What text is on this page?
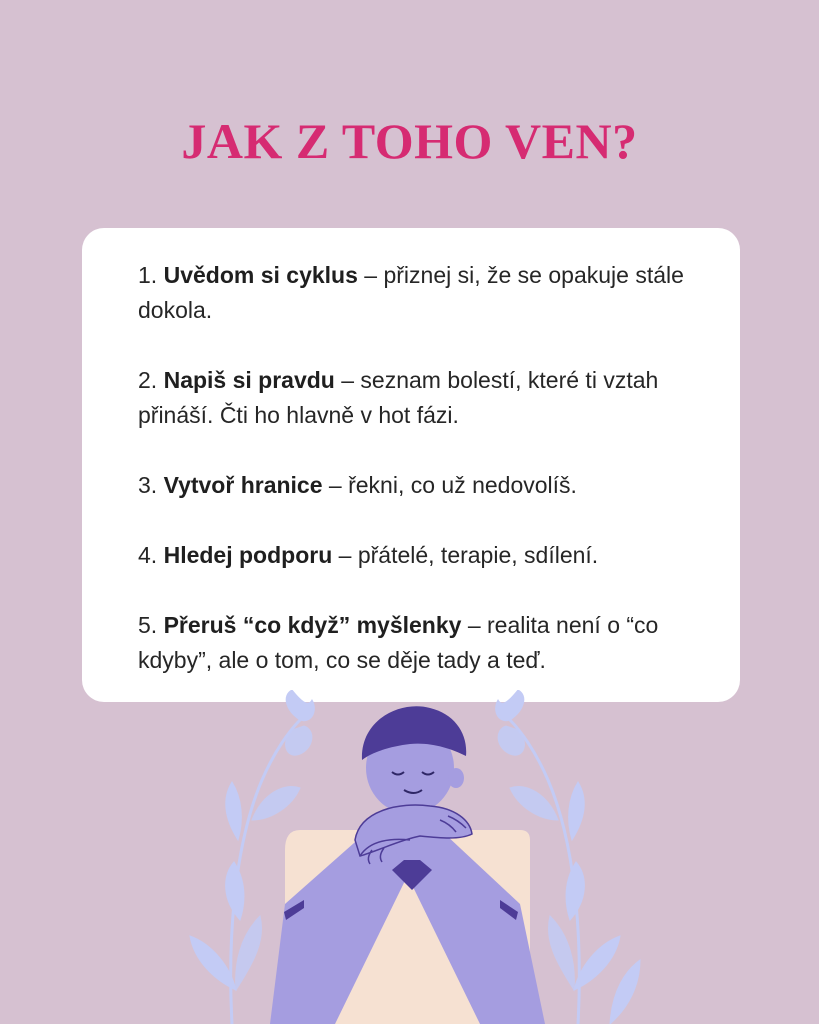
JAK Z TOHO VEN?
1. Uvědom si cyklus – přiznej si, že se opakuje stále dokola.
2. Napiš si pravdu – seznam bolestí, které ti vztah přináší. Čti ho hlavně v hot fázi.
3. Vytvoř hranice – řekni, co už nedovolíš.
4. Hledej podporu – přátelé, terapie, sdílení.
5. Přeruš “co když” myšlenky – realita není o “co kdyby”, ale o tom, co se děje tady a teď.
